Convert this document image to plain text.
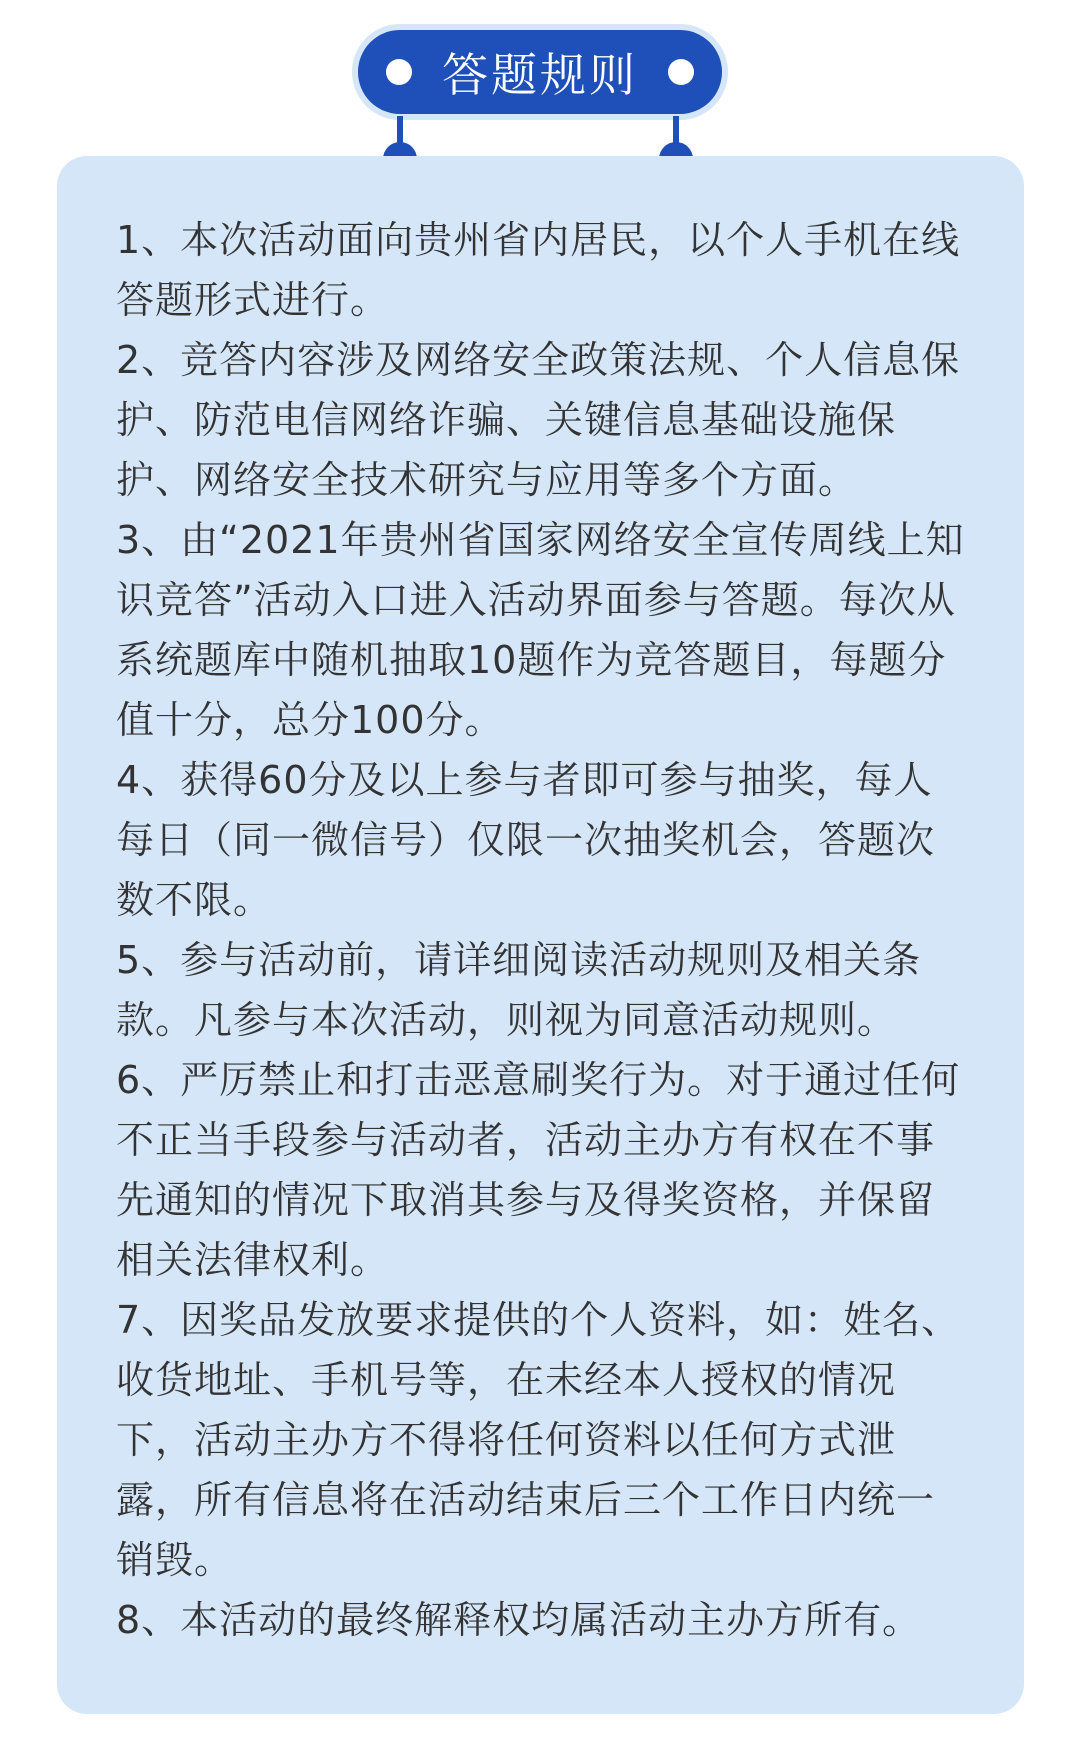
答题规则
1、本次活动面向贵州省内居民，以个人手机在线答题形式进行。
2、竞答内容涉及网络安全政策法规、个人信息保护、防范电信网络诈骗、关键信息基础设施保护、网络安全技术研究与应用等多个方面。
3、由“2021年贵州省国家网络安全宣传周线上知识竞答”活动入口进入活动界面参与答题。每次从系统题库中随机抽取10题作为竞答题目，每题分值十分，总分100分。
4、获得60分及以上参与者即可参与抽奖，每人每日（同一微信号）仅限一次抽奖机会，答题次数不限。
5、参与活动前，请详细阅读活动规则及相关条款。凡参与本次活动，则视为同意活动规则。
6、严厉禁止和打击恶意刷奖行为。对于通过任何不正当手段参与活动者，活动主办方有权在不事先通知的情况下取消其参与及得奖资格，并保留相关法律权利。
7、因奖品发放要求提供的个人资料，如：姓名、收货地址、手机号等，在未经本人授权的情况下，活动主办方不得将任何资料以任何方式泄露，所有信息将在活动结束后三个工作日内统一销毁。
8、本活动的最终解释权均属活动主办方所有。
